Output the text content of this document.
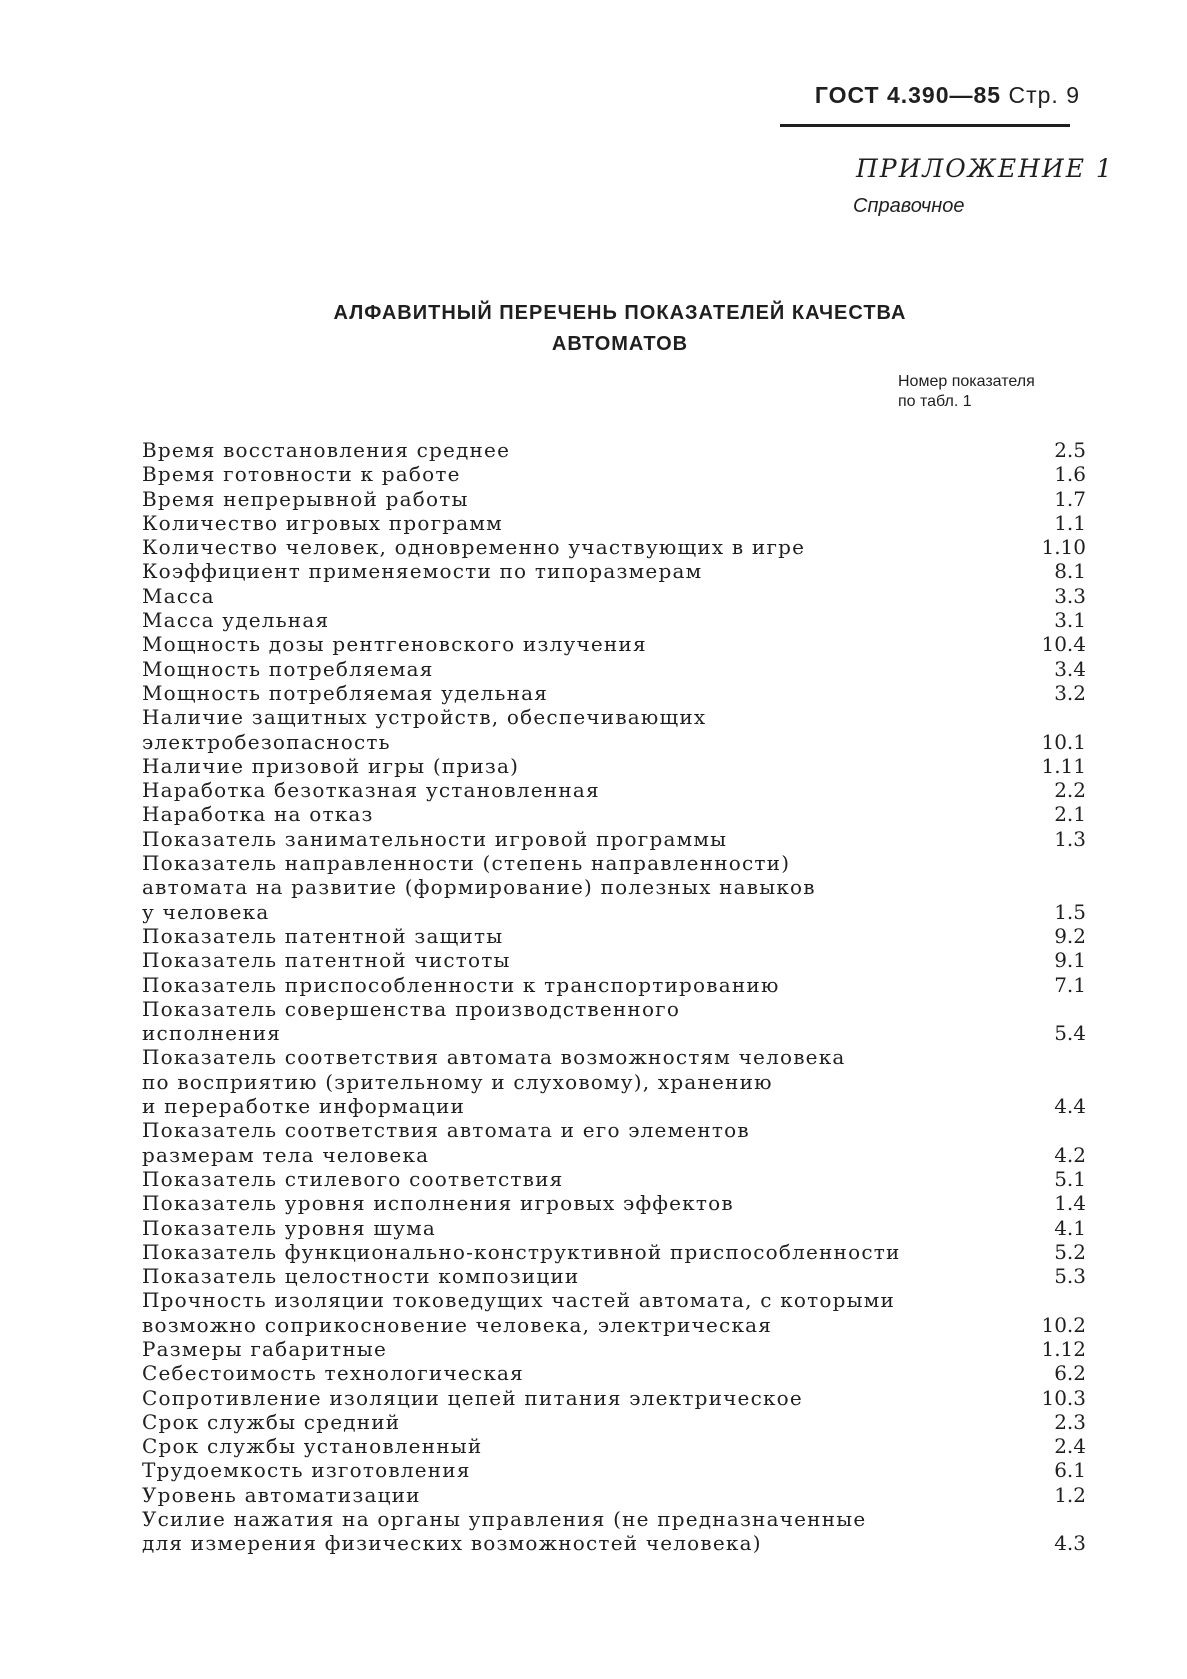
ГОСТ 4.390—85 Стр. 9
ПРИЛОЖЕНИЕ 1
Справочное
АЛФАВИТНЫЙ ПЕРЕЧЕНЬ ПОКАЗАТЕЛЕЙ КАЧЕСТВА
АВТОМАТОВ
Номер показателя
по табл. 1
Время восстановления среднее	2.5
Время готовности к работе	1.6
Время непрерывной работы	1.7
Количество игровых программ	1.1
Количество человек, одновременно участвующих в игре	1.10
Коэффициент применяемости по типоразмерам	8.1
Масса	3.3
Масса удельная	3.1
Мощность дозы рентгеновского излучения	10.4
Мощность потребляемая	3.4
Мощность потребляемая удельная	3.2
Наличие защитных устройств, обеспечивающих
электробезопасность	10.1
Наличие призовой игры (приза)	1.11
Наработка безотказная установленная	2.2
Наработка на отказ	2.1
Показатель занимательности игровой программы	1.3
Показатель направленности (степень направленности)
автомата на развитие (формирование) полезных навыков
у человека	1.5
Показатель патентной защиты	9.2
Показатель патентной чистоты	9.1
Показатель приспособленности к транспортированию	7.1
Показатель совершенства производственного
исполнения	5.4
Показатель соответствия автомата возможностям человека
по восприятию (зрительному и слуховому), хранению
и переработке информации	4.4
Показатель соответствия автомата и его элементов
размерам тела человека	4.2
Показатель стилевого соответствия	5.1
Показатель уровня исполнения игровых эффектов	1.4
Показатель уровня шума	4.1
Показатель функционально-конструктивной приспособленности	5.2
Показатель целостности композиции	5.3
Прочность изоляции токоведущих частей автомата, с которыми
возможно соприкосновение человека, электрическая	10.2
Размеры габаритные	1.12
Себестоимость технологическая	6.2
Сопротивление изоляции цепей питания электрическое	10.3
Срок службы средний	2.3
Срок службы установленный	2.4
Трудоемкость изготовления	6.1
Уровень автоматизации	1.2
Усилие нажатия на органы управления (не предназначенные
для измерения физических возможностей человека)	4.3
